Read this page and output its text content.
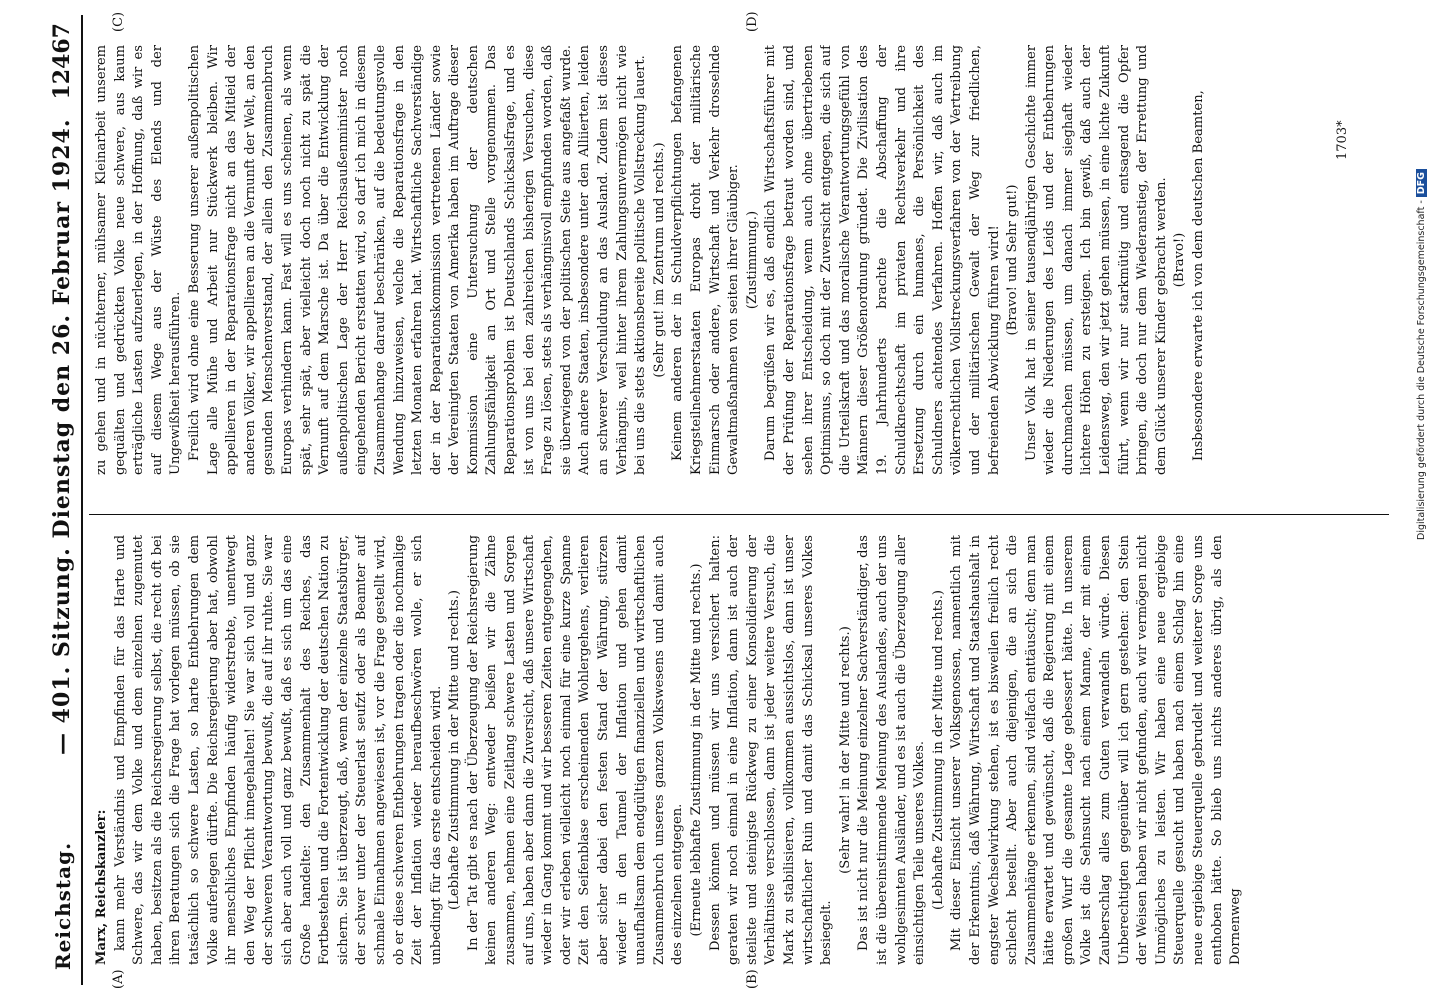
Reichstag.
— 401. Sitzung. Dienstag den 26. Februar 1924.
12467
(A)	(B)
(C)	(D)

Marx, Reichskanzler: kann mehr Verständnis und Empfinden für das Harte und Schwere, das wir dem Volke und dem einzelnen zugemutet haben, besitzen als die Reichsregierung selbst, die recht oft bei ihren Beratungen sich die Frage hat vorlegen müssen, ob sie tatsächlich so schwere Lasten, so harte Entbehrungen dem Volke auferlegen dürfte. Die Reichsregierung aber hat, obwohl ihr menschliches Empfinden häufig widerstrebte, unentwegt den Weg der Pflicht innegehalten! Sie war sich voll und ganz der schweren Verantwortung bewußt, die auf ihr ruhte. Sie war sich aber auch voll und ganz bewußt, daß es sich um das eine Große handelte: den Zusammenhalt des Reiches, das Fortbestehen und die Fortentwicklung der deutschen Nation zu sichern. Sie ist überzeugt, daß, wenn der einzelne Staatsbürger, der schwer unter der Steuerlast seufzt oder als Beamter auf schmale Einnahmen angewiesen ist, vor die Frage gestellt wird, ob er diese schweren Entbehrungen tragen oder die nochmalige Zeit der Inflation wieder heraufbeschwören wolle, er sich unbedingt für das erste entscheiden wird. (Lebhafte Zustimmung in der Mitte und rechts.) In der Tat gibt es nach der Überzeugung der Reichsregierung keinen anderen Weg: entweder beißen wir die Zähne zusammen, nehmen eine Zeitlang schwere Lasten und Sorgen auf uns, haben aber dann die Zuversicht, daß unsere Wirtschaft wieder in Gang kommt und wir besseren Zeiten entgegengehen, oder wir erleben vielleicht noch einmal für eine kurze Spanne Zeit den Seifenblase erscheinenden Wohlergehens, verlieren aber sicher dabei den festen Stand der Währung, stürzen wieder in den Taumel der Inflation und gehen damit unaufhaltsam dem endgültigen finanziellen und wirtschaftlichen Zusammenbruch unseres ganzen Volkswesens und damit auch des einzelnen entgegen. (Erneute lebhafte Zustimmung in der Mitte und rechts.) Dessen können und müssen wir uns versichert halten: geraten wir noch einmal in eine Inflation, dann ist auch der steilste und steinigste Rückweg zu einer Konsolidierung der Verhältnisse verschlossen, dann ist jeder weitere Versuch, die Mark zu stabilisieren, vollkommen aussichtslos, dann ist unser wirtschaftlicher Ruin und damit das Schicksal unseres Volkes besiegelt.

(Sehr wahr! in der Mitte und rechts.) Das ist nicht nur die Meinung einzelner Sachverständiger, das ist die übereinstimmende Meinung des Auslandes, auch der uns wohlgesinnten Ausländer, und es ist auch die Überzeugung aller einsichtigen Teile unseres Volkes. (Lebhafte Zustimmung in der Mitte und rechts.) Mit dieser Einsicht unserer Volksgenossen, namentlich mit der Erkenntnis, daß Währung, Wirtschaft und Staatshaushalt in engster Wechselwirkung stehen, ist es bisweilen freilich recht schlecht bestellt. Aber auch diejenigen, die an sich die Zusammenhänge erkennen, sind vielfach enttäuscht; denn man hätte erwartet und gewünscht, daß die Regierung mit einem großen Wurf die gesamte Lage gebessert hätte. In unserem Volke ist die Sehnsucht nach einem Manne, der mit einem Zauberschlag alles zum Guten verwandeln würde. Diesen Unberechtigten gegenüber will ich gern gestehen: den Stein der Weisen haben wir nicht gefunden, auch wir vermögen nicht Unmögliches zu leisten. Wir haben eine neue ergiebige Steuerquelle gesucht und haben nach einem Schlag hin eine neue ergiebige Steuerquelle gebrudelt und weiterer Sorge uns enthoben hätte. So blieb uns nichts anderes übrig, als den Dornenweg

zu gehen und in nüchterner, mühsamer Kleinarbeit unserem gequälten und gedrückten Volke neue schwere, aus kaum erträgliche Lasten aufzuerlegen, in der Hoffnung, daß wir es auf diesem Wege aus der Wüste des Elends und der Ungewißheit herausführen. Freilich wird ohne eine Besserung unserer außenpolitischen Lage alle Mühe und Arbeit nur Stückwerk bleiben. Wir appellieren in der Reparationsfrage nicht an das Mitleid der anderen Völker, wir appellieren an die Vernunft der Welt, an den gesunden Menschenverstand, der allein den Zusammenbruch Europas verhindern kann. Fast will es uns scheinen, als wenn spät, sehr spät, aber vielleicht doch noch nicht zu spät die Vernunft auf dem Marsche ist. Da über die Entwicklung der außenpolitischen Lage der Herr Reichsaußenminister noch eingehenden Bericht erstatten wird, so darf ich mich in diesem Zusammenhange darauf beschränken, auf die bedeutungsvolle Wendung hinzuweisen, welche die Reparationsfrage in den letzten Monaten erfahren hat. Wirtschaftliche Sachverständige der in der Reparationskommission vertretenen Länder sowie der Vereinigten Staaten von Amerika haben im Auftrage dieser Kommission eine Untersuchung der deutschen Zahlungsfähigkeit an Ort und Stelle vorgenommen. Das Reparationsproblem ist Deutschlands Schicksalsfrage, und es ist von uns bei den zahlreichen bisherigen Versuchen, diese Frage zu lösen, stets als verhängnisvoll empfunden worden, daß sie überwiegend von der politischen Seite aus angefaßt wurde. Auch andere Staaten, insbesondere unter den Alliierten, leiden an schwerer Verschuldung an das Ausland. Zudem ist dieses Verhängnis, weil hinter ihrem Zahlungsunvermögen nicht wie bei uns die stets aktionsbereite politische Vollstreckung lauert. (Sehr gut! im Zentrum und rechts.) Keinem anderen der in Schuldverpflichtungen befangenen Kriegsteilnehmerstaaten Europas droht der militärische Einmarsch oder andere, Wirtschaft und Verkehr drosselnde Gewaltmaßnahmen von seiten ihrer Gläubiger. (Zustimmung.) Darum begrüßen wir es, daß endlich Wirtschaftsführer mit der Prüfung der Reparationsfrage betraut worden sind, und sehen ihrer Entscheidung, wenn auch ohne übertriebenen Optimismus, so doch mit der Zuversicht entgegen, die sich auf die Urteilskraft und das moralische Verantwortungsgefühl von Männern dieser Größenordnung gründet. Die Zivilisation des 19. Jahrhunderts brachte die Abschaffung der Schuldknechtschaft im privaten Rechtsverkehr und ihre Ersetzung durch ein humanes, die Persönlichkeit des Schuldners achtendes Verfahren. Hoffen wir, daß auch im völkerrechtlichen Vollstreckungsverfahren von der Vertreibung und der militärischen Gewalt der Weg zur friedlichen, befreienden Abwicklung führen wird! (Bravo! und Sehr gut!) Unser Volk hat in seiner tausendjährigen Geschichte immer wieder die Niederungen des Leids und der Entbehrungen durchmachen müssen, um danach immer sieghaft wieder lichtere Höhen zu ersteigen. Ich bin gewiß, daß auch der Leidensweg, den wir jetzt gehen müssen, in eine lichte Zukunft führt, wenn wir nur starkmütig und entsagend die Opfer bringen, die doch nur dem Wiederanstieg, der Errettung und dem Glück unserer Kinder gebracht werden. (Bravo!) Insbesondere erwarte ich von dem deutschen Beamten,	1703*
Digitalisierung gefördert durch die Deutsche Forschungsgemeinschaft -DFG
